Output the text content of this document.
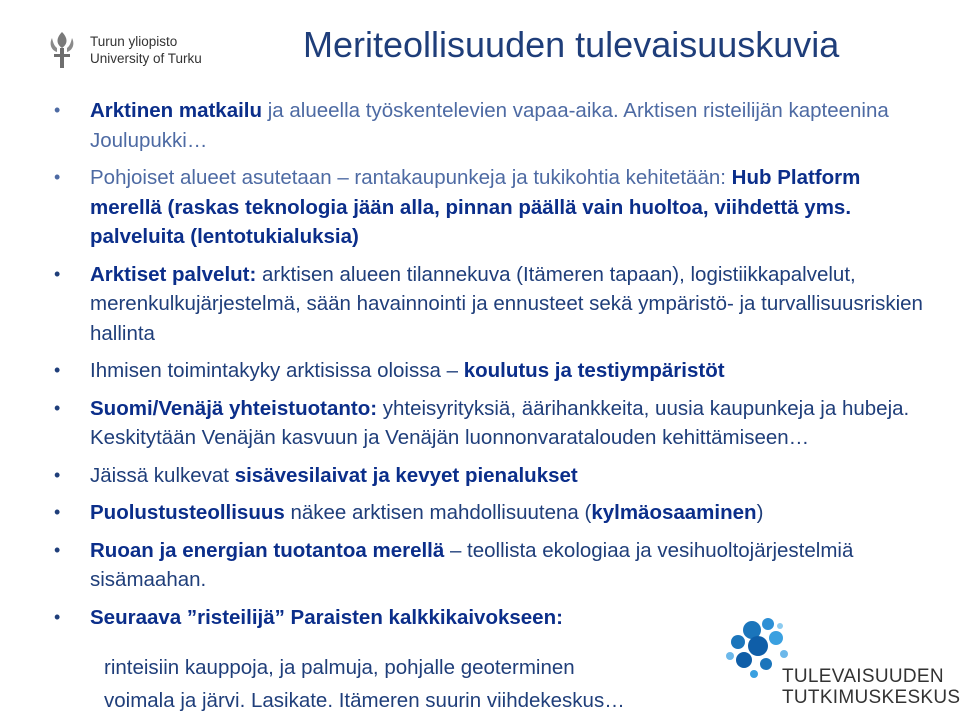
Turun yliopisto
University of Turku	Meriteollisuuden tulevaisuuskuvia
• Arktinen matkailu ja alueella työskentelevien vapaa-aika. Arktisen risteilijän kapteenina Joulupukki…
• Pohjoiset alueet asutetaan – rantakaupunkeja ja tukikohtia kehitetään: Hub Platform merellä (raskas teknologia jään alla, pinnan päällä vain huoltoa, viihdettä yms. palveluita (lentotukialuksia)
• Arktiset palvelut: arktisen alueen tilannekuva (Itämeren tapaan), logistiikkapalvelut, merenkulkujärjestelmä, sään havainnointi ja ennusteet sekä ympäristö- ja turvallisuusriskien hallinta
• Ihmisen toimintakyky arktisissa oloissa – koulutus ja testiympäristöt
• Suomi/Venäjä yhteistuotanto: yhteisyrityksiä, äärihankkeita, uusia kaupunkeja ja hubeja. Keskitytään Venäjän kasvuun ja Venäjän luonnonvaratalouden kehittämiseen…
• Jäissä kulkevat sisävesilaivat ja kevyet pienalukset
• Puolustusteollisuus näkee arktisen mahdollisuutena (kylmäosaaminen)
• Ruoan ja energian tuotantoa merellä – teollista ekologiaa ja vesihuoltojärjestelmiä sisämaahan.
• Seuraava ”risteilijä” Paraisten kalkkikaivokseen:
rinteisiin kauppoja, ja palmuja, pohjalle geoterminen
voimala ja järvi. Lasikate. Itämeren suurin viihdekeskus…
TULEVAISUUDEN
TUTKIMUSKESKUS
